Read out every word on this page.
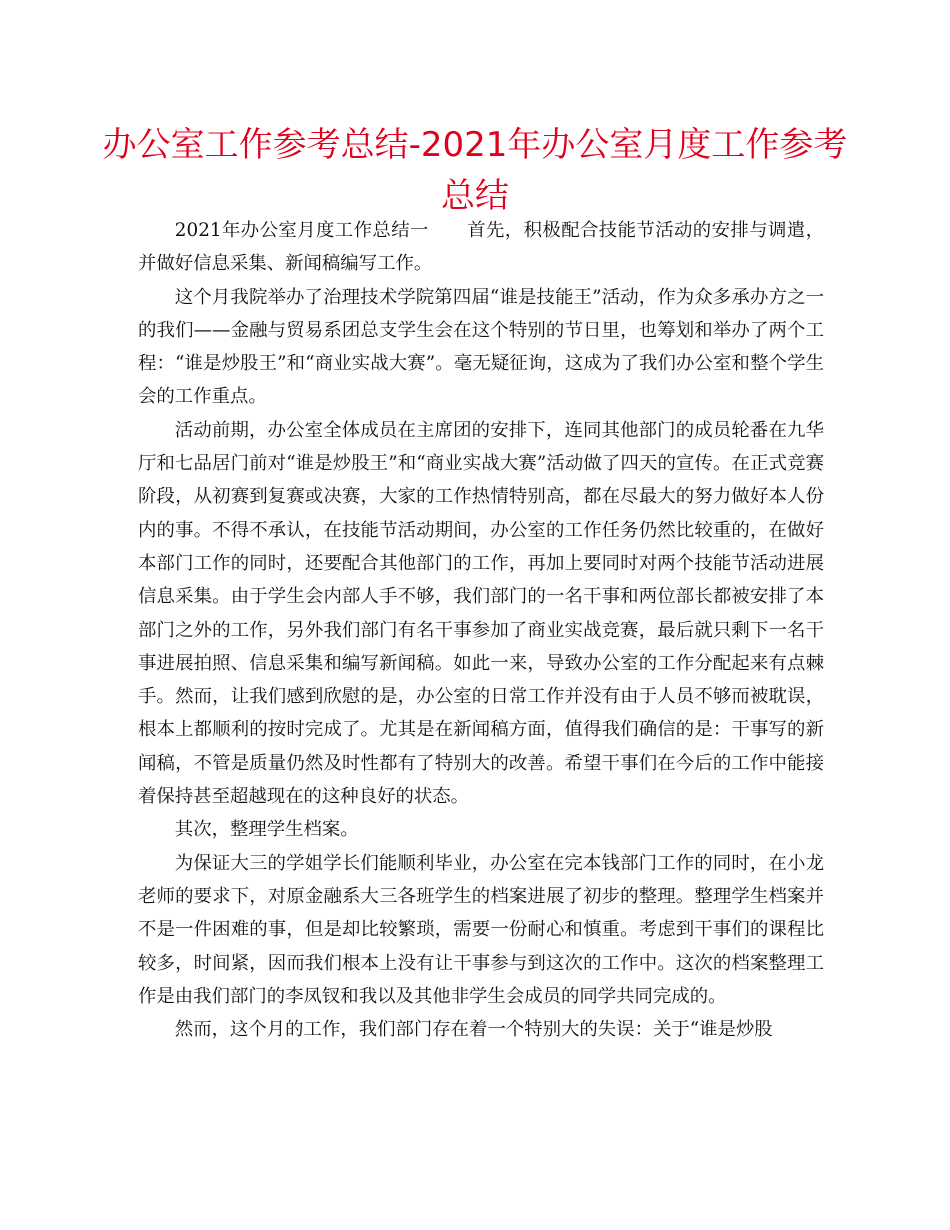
办公室工作参考总结-2021年办公室月度工作参考总结

2021年办公室月度工作总结一 首先，积极配合技能节活动的安排与调遣，并做好信息采集、新闻稿编写工作。

这个月我院举办了治理技术学院第四届“谁是技能王”活动，作为众多承办方之一的我们——金融与贸易系团总支学生会在这个特别的节日里，也筹划和举办了两个工程：“谁是炒股王”和“商业实战大赛”。毫无疑征询，这成为了我们办公室和整个学生会的工作重点。

活动前期，办公室全体成员在主席团的安排下，连同其他部门的成员轮番在九华厅和七品居门前对“谁是炒股王”和“商业实战大赛”活动做了四天的宣传。在正式竞赛阶段，从初赛到复赛或决赛，大家的工作热情特别高，都在尽最大的努力做好本人份内的事。不得不承认，在技能节活动期间，办公室的工作任务仍然比较重的，在做好本部门工作的同时，还要配合其他部门的工作，再加上要同时对两个技能节活动进展信息采集。由于学生会内部人手不够，我们部门的一名干事和两位部长都被安排了本部门之外的工作，另外我们部门有名干事参加了商业实战竞赛，最后就只剩下一名干事进展拍照、信息采集和编写新闻稿。如此一来，导致办公室的工作分配起来有点棘手。然而，让我们感到欣慰的是，办公室的日常工作并没有由于人员不够而被耽误，根本上都顺利的按时完成了。尤其是在新闻稿方面，值得我们确信的是：干事写的新闻稿，不管是质量仍然及时性都有了特别大的改善。希望干事们在今后的工作中能接着保持甚至超越现在的这种良好的状态。

其次，整理学生档案。

为保证大三的学姐学长们能顺利毕业，办公室在完本钱部门工作的同时，在小龙老师的要求下，对原金融系大三各班学生的档案进展了初步的整理。整理学生档案并不是一件困难的事，但是却比较繁琐，需要一份耐心和慎重。考虑到干事们的课程比较多，时间紧，因而我们根本上没有让干事参与到这次的工作中。这次的档案整理工作是由我们部门的李凤钗和我以及其他非学生会成员的同学共同完成的。

然而，这个月的工作，我们部门存在着一个特别大的失误：关于“谁是炒股
